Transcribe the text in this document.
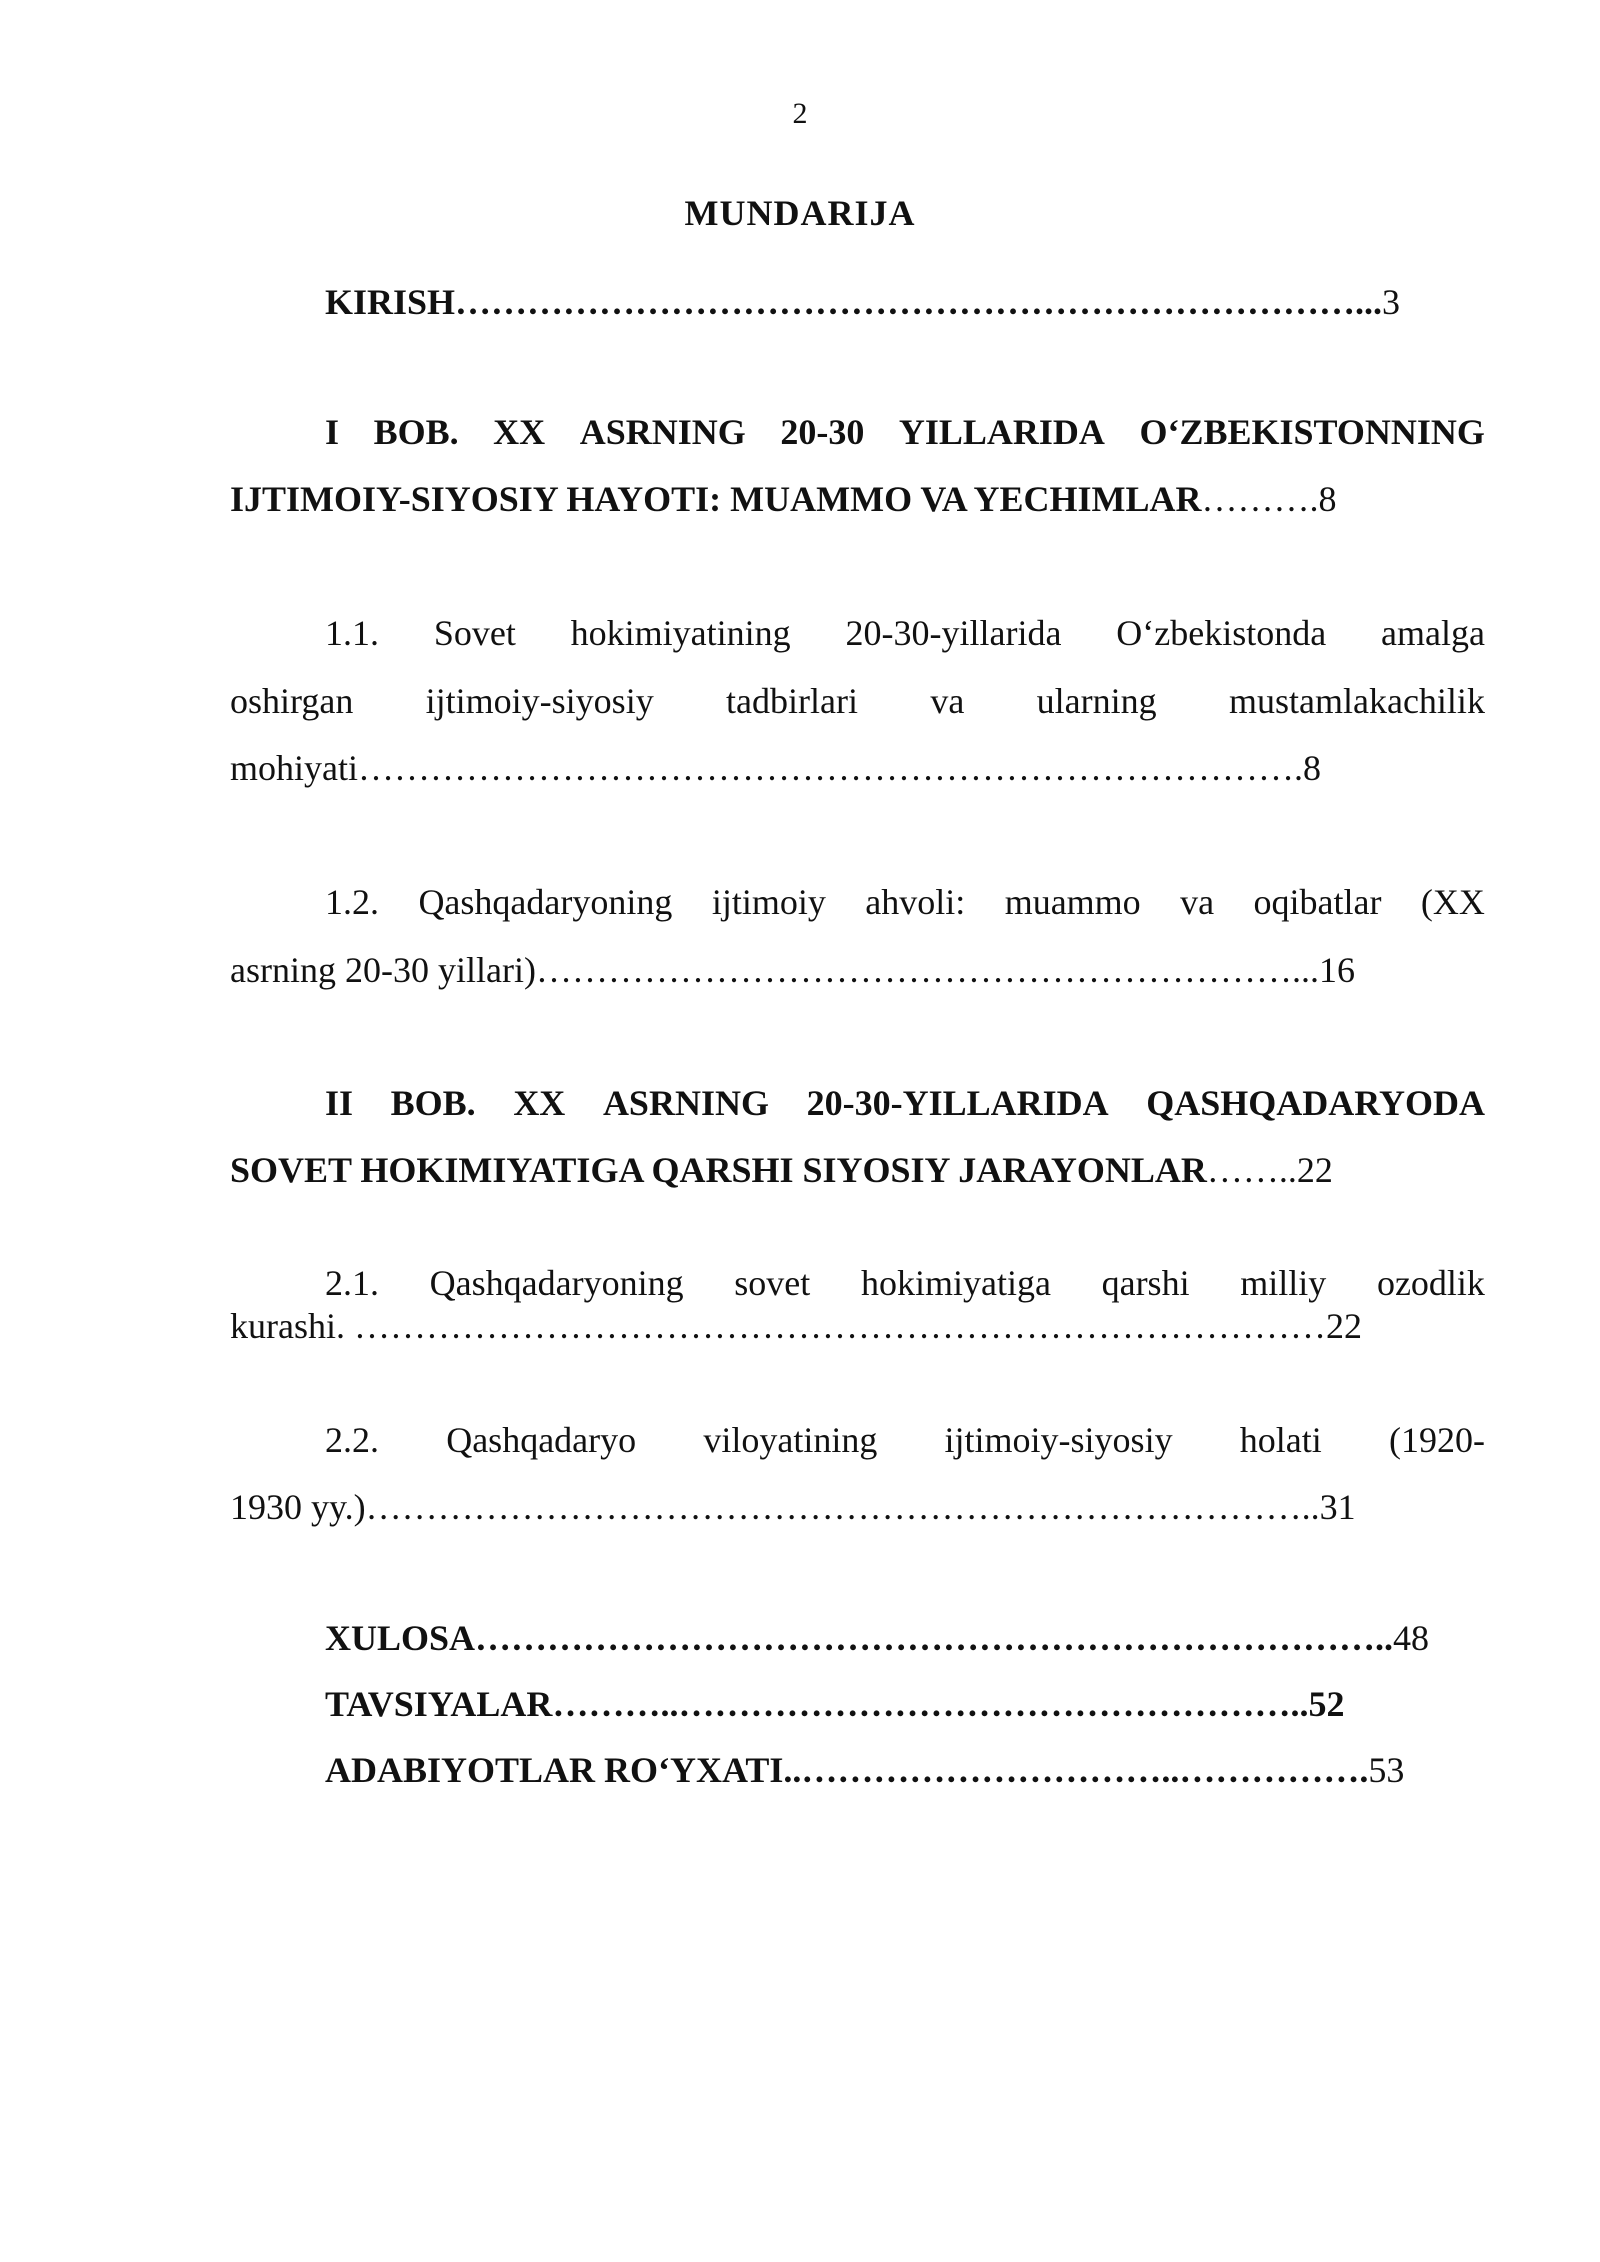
2
MUNDARIJA
KIRISH…………………………………………………………………...3
I BOB. XX ASRNING 20-30 YILLARIDA O‘ZBEKISTONNING
IJTIMOIY-SIYOSIY HAYOTI: MUAMMO VA YECHIMLAR……….8
1.1. Sovet hokimiyatining 20-30-yillarida O‘zbekistonda amalga
oshirgan ijtimoiy-siyosiy tadbirlari va ularning mustamlakachilik
mohiyati…………………………………………………………………….8
1.2. Qashqadaryoning ijtimoiy ahvoli: muammo va oqibatlar (XX
asrning 20-30 yillari)………………………………………………………...16
II BOB. XX ASRNING 20-30-YILLARIDA QASHQADARYODA
SOVET HOKIMIYATIGA QARSHI SIYOSIY JARAYONLAR……..22
2.1. Qashqadaryoning sovet hokimiyatiga qarshi milliy ozodlik
kurashi. ………………………………………………………………………22
2.2. Qashqadaryo viloyatining ijtimoiy-siyosiy holati (1920-
1930 yy.)……………………………………………………………………..31
XULOSA…………………………………………………………………..48
TAVSIYALAR………..……………………………………………..52
ADABIYOTLAR RO‘YXATI..…………………………..…………….53
